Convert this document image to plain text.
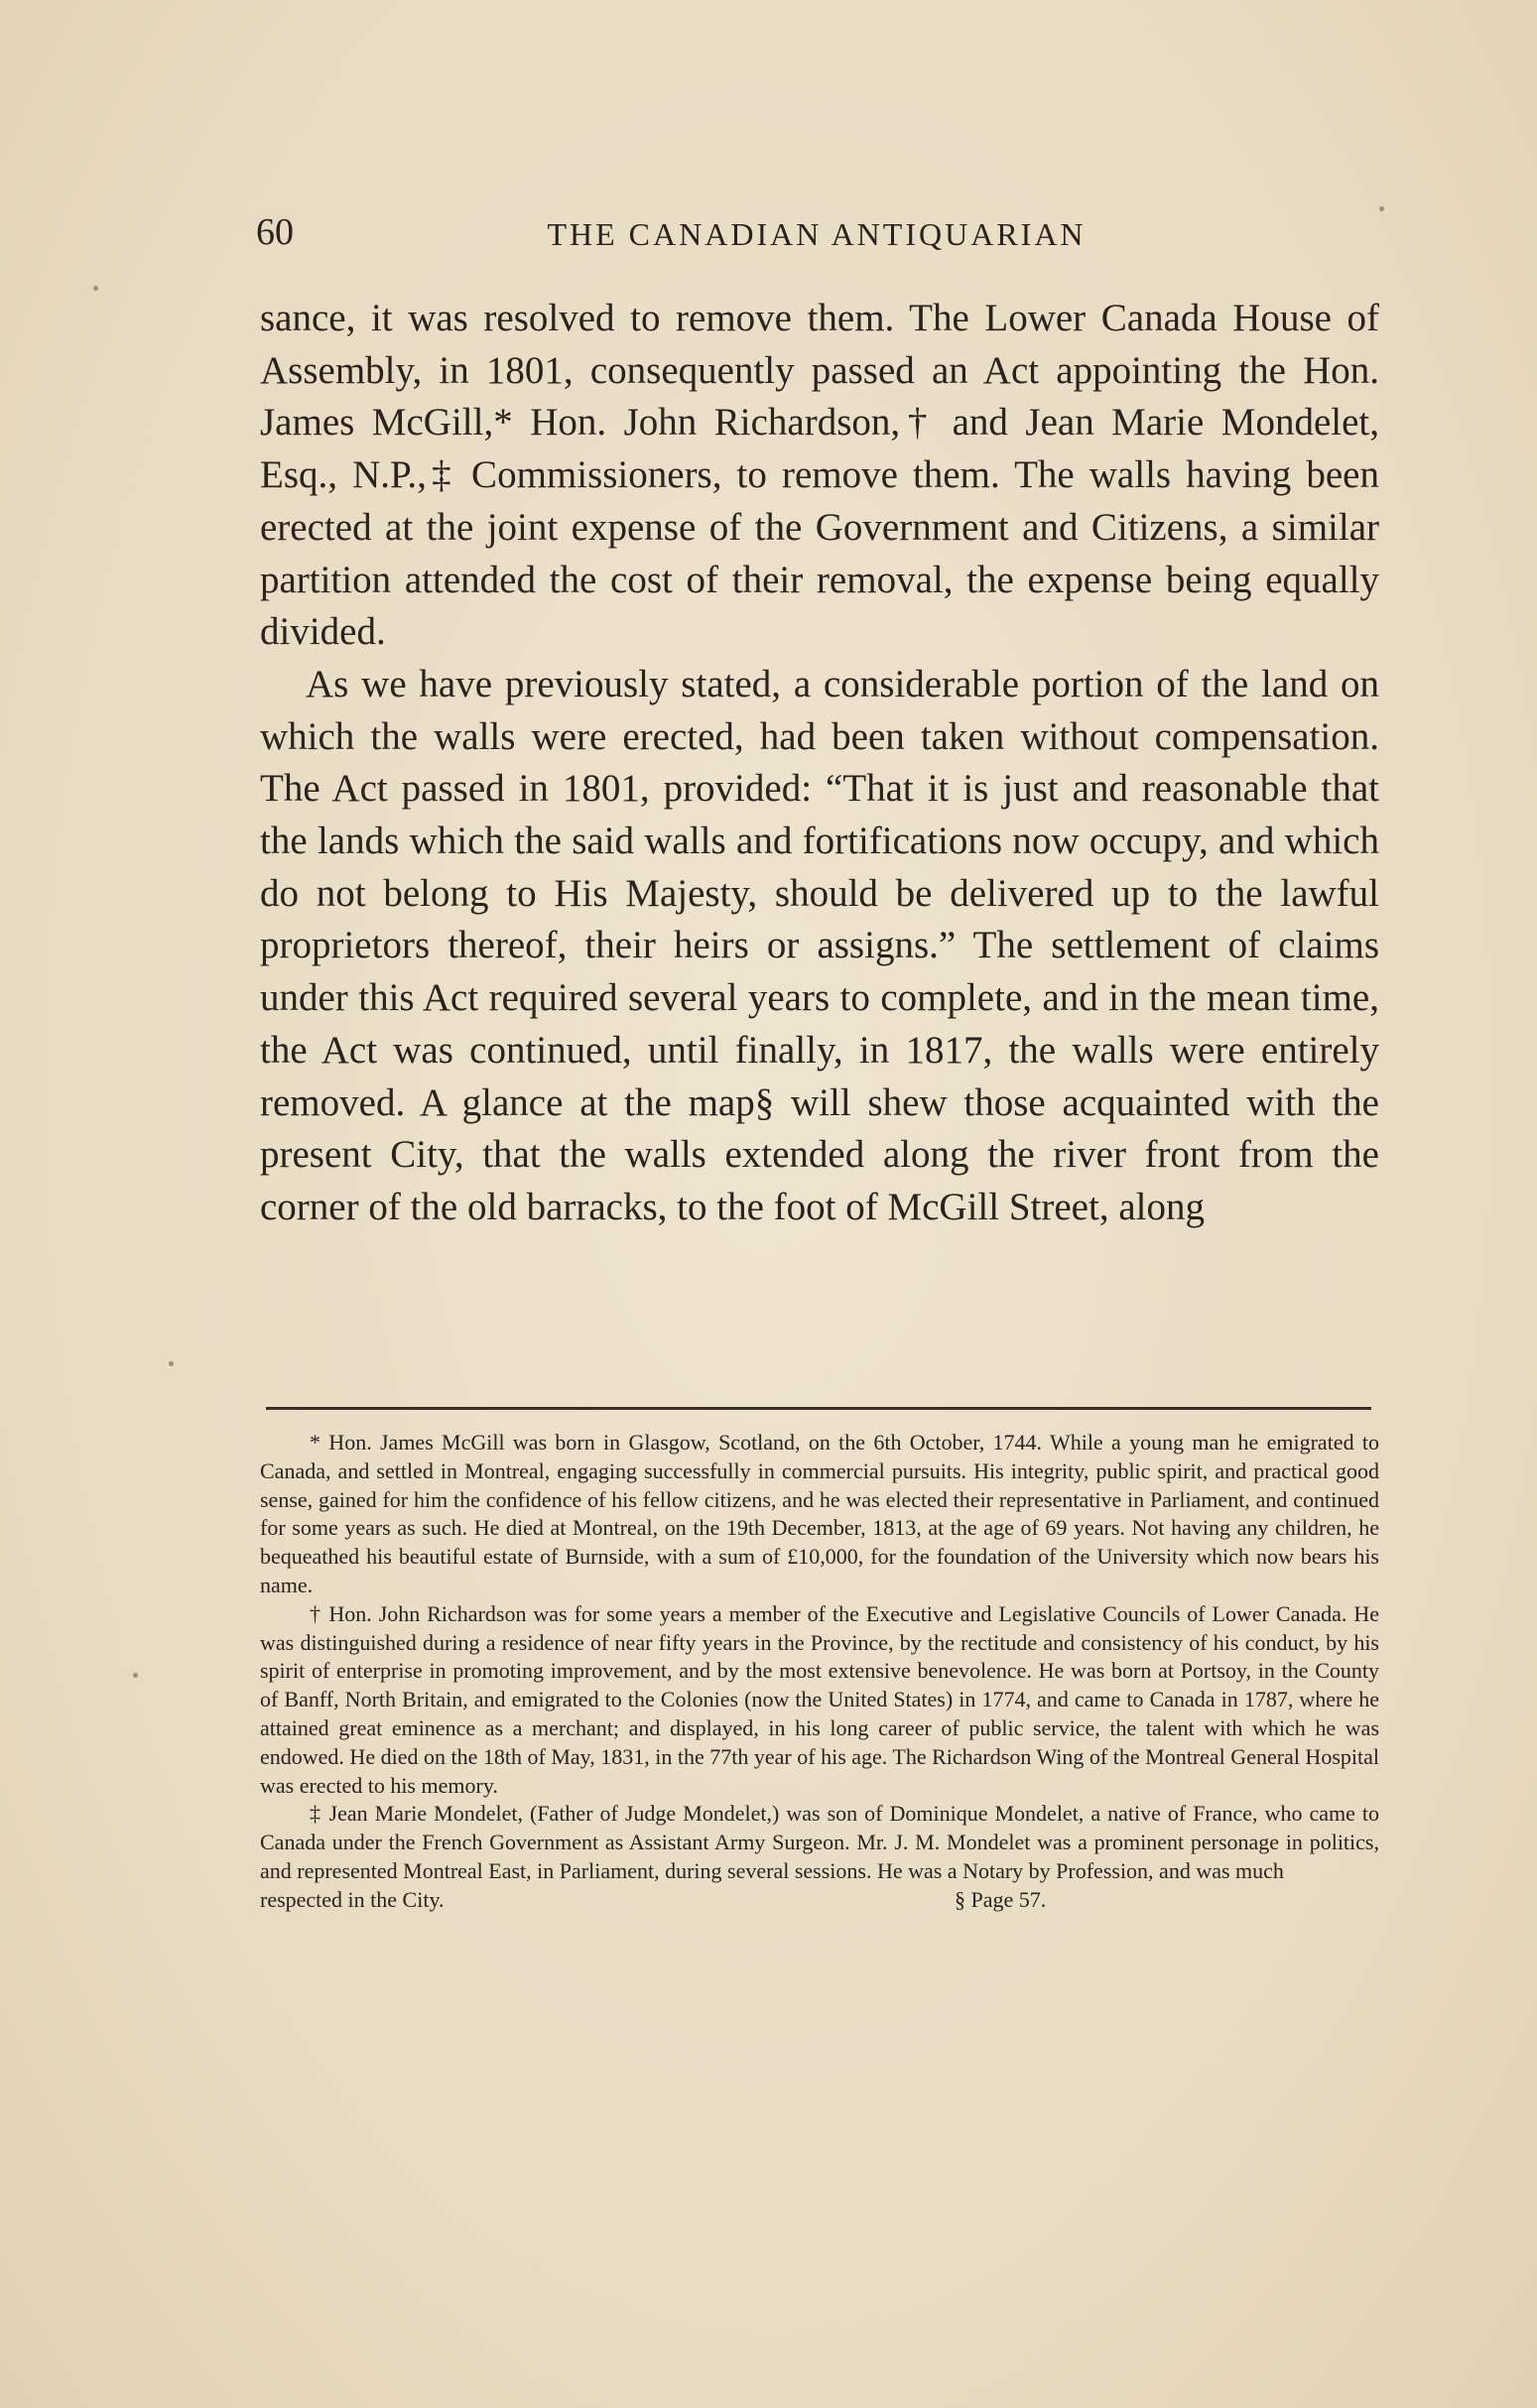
60	THE CANADIAN ANTIQUARIAN

sance, it was resolved to remove them. The Lower Canada House of Assembly, in 1801, consequently passed an Act appointing the Hon. James McGill,* Hon. John Richardson,† and Jean Marie Mondelet, Esq., N.P.,‡ Commissioners, to remove them. The walls having been erected at the joint expense of the Government and Citizens, a similar partition attended the cost of their removal, the expense being equally divided.

As we have previously stated, a considerable portion of the land on which the walls were erected, had been taken without compensation. The Act passed in 1801, provided: “That it is just and reasonable that the lands which the said walls and fortifications now occupy, and which do not belong to His Majesty, should be delivered up to the lawful proprietors thereof, their heirs or assigns.” The settlement of claims under this Act required several years to complete, and in the mean time, the Act was continued, until finally, in 1817, the walls were entirely removed. A glance at the map§ will shew those acquainted with the present City, that the walls extended along the river front from the corner of the old barracks, to the foot of McGill Street, along

* Hon. James McGill was born in Glasgow, Scotland, on the 6th October, 1744. While a young man he emigrated to Canada, and settled in Montreal, engaging successfully in commercial pursuits. His integrity, public spirit, and practical good sense, gained for him the confidence of his fellow citizens, and he was elected their representative in Parliament, and continued for some years as such. He died at Montreal, on the 19th December, 1813, at the age of 69 years. Not having any children, he bequeathed his beautiful estate of Burnside, with a sum of £10,000, for the foundation of the University which now bears his name.

† Hon. John Richardson was for some years a member of the Executive and Legislative Councils of Lower Canada. He was distinguished during a residence of near fifty years in the Province, by the rectitude and consistency of his conduct, by his spirit of enterprise in promoting improvement, and by the most extensive benevolence. He was born at Portsoy, in the County of Banff, North Britain, and emigrated to the Colonies (now the United States) in 1774, and came to Canada in 1787, where he attained great eminence as a merchant; and displayed, in his long career of public service, the talent with which he was endowed. He died on the 18th of May, 1831, in the 77th year of his age. The Richardson Wing of the Montreal General Hospital was erected to his memory.

‡ Jean Marie Mondelet, (Father of Judge Mondelet,) was son of Dominique Mondelet, a native of France, who came to Canada under the French Government as Assistant Army Surgeon. Mr. J. M. Mondelet was a prominent personage in politics, and represented Montreal East, in Parliament, during several sessions. He was a Notary by Profession, and was much

respected in the City.	§ Page 57.
